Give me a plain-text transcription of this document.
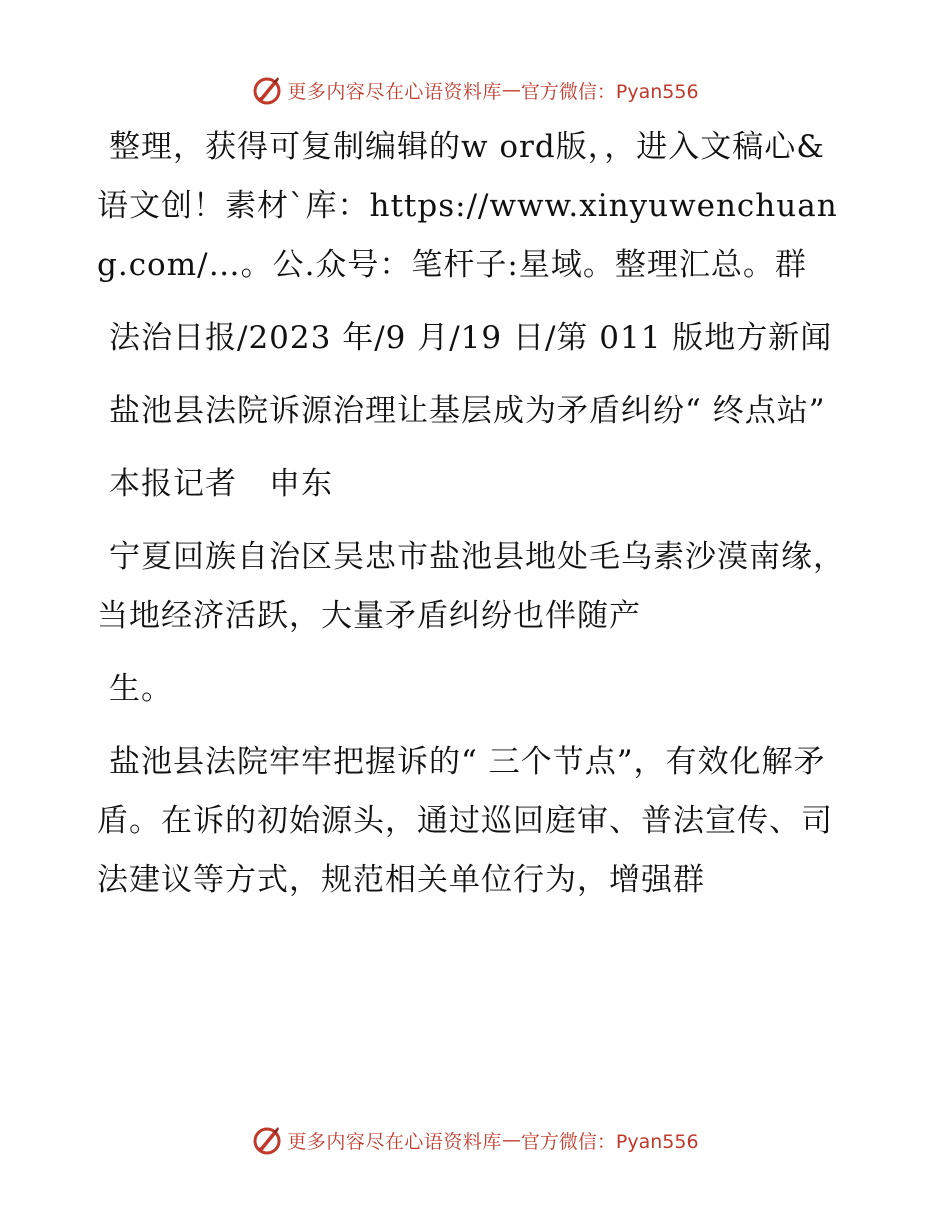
更多内容尽在心语资料库 — 官方微信：Pyan556

整理，获得可复制编辑的w ord版，，进入文稿心&语文创！素材`库：https://www.xinyuwenchuang.com/…。公.众号：笔杆子:星域。整理汇总。群

法治日报/2023 年/9 月/19 日/第 011 版地方新闻

盐池县法院诉源治理让基层成为矛盾纠纷“ 终点站”

本报记者　申东

宁夏回族自治区吴忠市盐池县地处毛乌素沙漠南缘，当地经济活跃，大量矛盾纠纷也伴随产

生。

盐池县法院牢牢把握诉的“ 三个节点”，有效化解矛盾。在诉的初始源头，通过巡回庭审、普法宣传、司法建议等方式，规范相关单位行为，增强群

更多内容尽在心语资料库 — 官方微信：Pyan556
